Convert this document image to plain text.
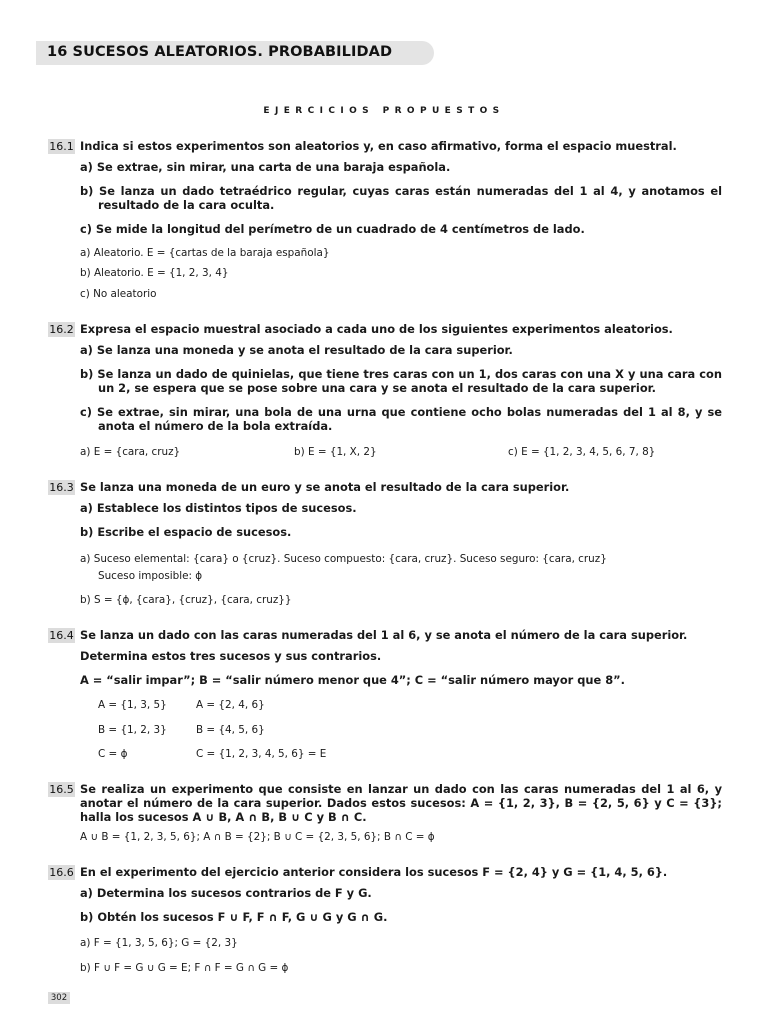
16 SUCESOS ALEATORIOS. PROBABILIDAD
EJERCICIOS PROPUESTOS
16.1 Indica si estos experimentos son aleatorios y, en caso afirmativo, forma el espacio muestral.
a) Se extrae, sin mirar, una carta de una baraja española.
b) Se lanza un dado tetraédrico regular, cuyas caras están numeradas del 1 al 4, y anotamos el resultado de la cara oculta.
c) Se mide la longitud del perímetro de un cuadrado de 4 centímetros de lado.
a) Aleatorio. E = {cartas de la baraja española}
b) Aleatorio. E = {1, 2, 3, 4}
c) No aleatorio
16.2 Expresa el espacio muestral asociado a cada uno de los siguientes experimentos aleatorios.
a) Se lanza una moneda y se anota el resultado de la cara superior.
b) Se lanza un dado de quinielas, que tiene tres caras con un 1, dos caras con una X y una cara con un 2, se espera que se pose sobre una cara y se anota el resultado de la cara superior.
c) Se extrae, sin mirar, una bola de una urna que contiene ocho bolas numeradas del 1 al 8, y se anota el número de la bola extraída.
a) E = {cara, cruz}	b) E = {1, X, 2}	c) E = {1, 2, 3, 4, 5, 6, 7, 8}
16.3 Se lanza una moneda de un euro y se anota el resultado de la cara superior.
a) Establece los distintos tipos de sucesos.
b) Escribe el espacio de sucesos.
a) Suceso elemental: {cara} o {cruz}. Suceso compuesto: {cara, cruz}. Suceso seguro: {cara, cruz}
Suceso imposible: ϕ
b) S = {ϕ, {cara}, {cruz}, {cara, cruz}}
16.4 Se lanza un dado con las caras numeradas del 1 al 6, y se anota el número de la cara superior.
Determina estos tres sucesos y sus contrarios.
A = “salir impar”; B = “salir número menor que 4”; C = “salir número mayor que 8”.
A = {1, 3, 5}
B = {1, 2, 3}
C = ϕ
A = {2, 4, 6}
B = {4, 5, 6}
C = {1, 2, 3, 4, 5, 6} = E
16.5 Se realiza un experimento que consiste en lanzar un dado con las caras numeradas del 1 al 6, y anotar el número de la cara superior. Dados estos sucesos: A = {1, 2, 3}, B = {2, 5, 6} y C = {3}; halla los sucesos A ∪ B, A ∩ B, B ∪ C y B ∩ C.
A ∪ B = {1, 2, 3, 5, 6}; A ∩ B = {2}; B ∪ C = {2, 3, 5, 6}; B ∩ C = ϕ
16.6 En el experimento del ejercicio anterior considera los sucesos F = {2, 4} y G = {1, 4, 5, 6}.
a) Determina los sucesos contrarios de F y G.
b) Obtén los sucesos F ∪ F, F ∩ F, G ∪ G y G ∩ G.
a) F = {1, 3, 5, 6}; G = {2, 3}
b) F ∪ F = G ∪ G = E; F ∩ F = G ∩ G = ϕ
302
